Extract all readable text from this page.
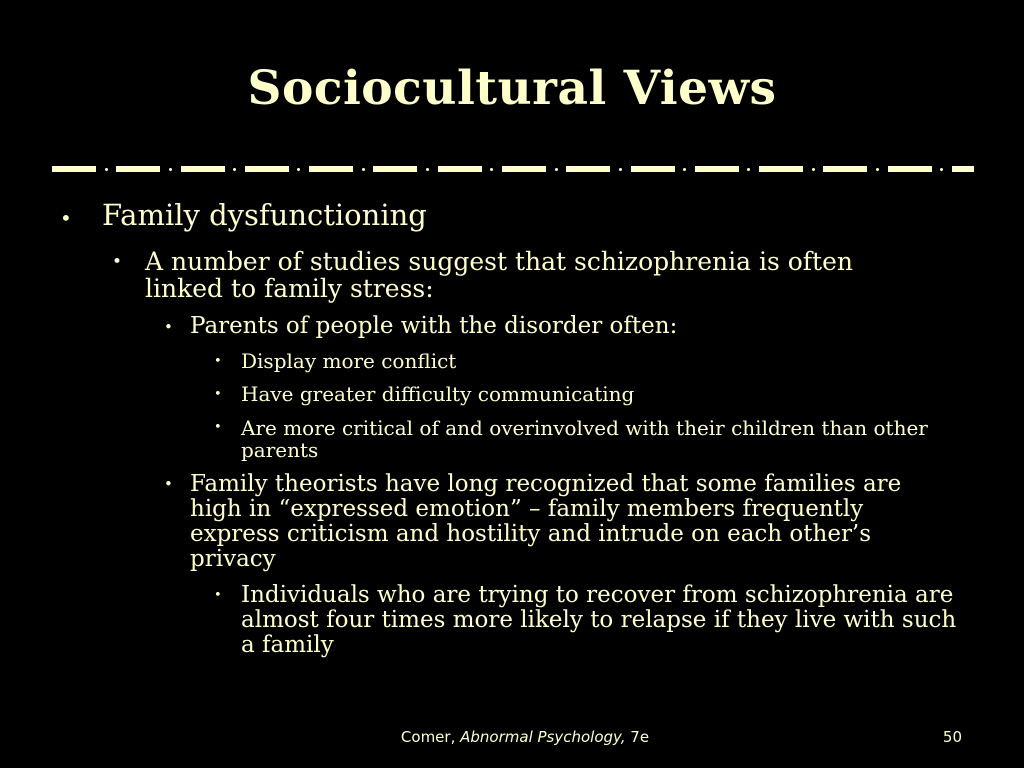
Sociocultural Views
• Family dysfunctioning
• A number of studies suggest that schizophrenia is often linked to family stress:
• Parents of people with the disorder often:
• Display more conflict
• Have greater difficulty communicating
• Are more critical of and overinvolved with their children than other parents
• Family theorists have long recognized that some families are high in “expressed emotion” – family members frequently express criticism and hostility and intrude on each other’s privacy
• Individuals who are trying to recover from schizophrenia are almost four times more likely to relapse if they live with such a family
Comer, Abnormal Psychology, 7e	50
